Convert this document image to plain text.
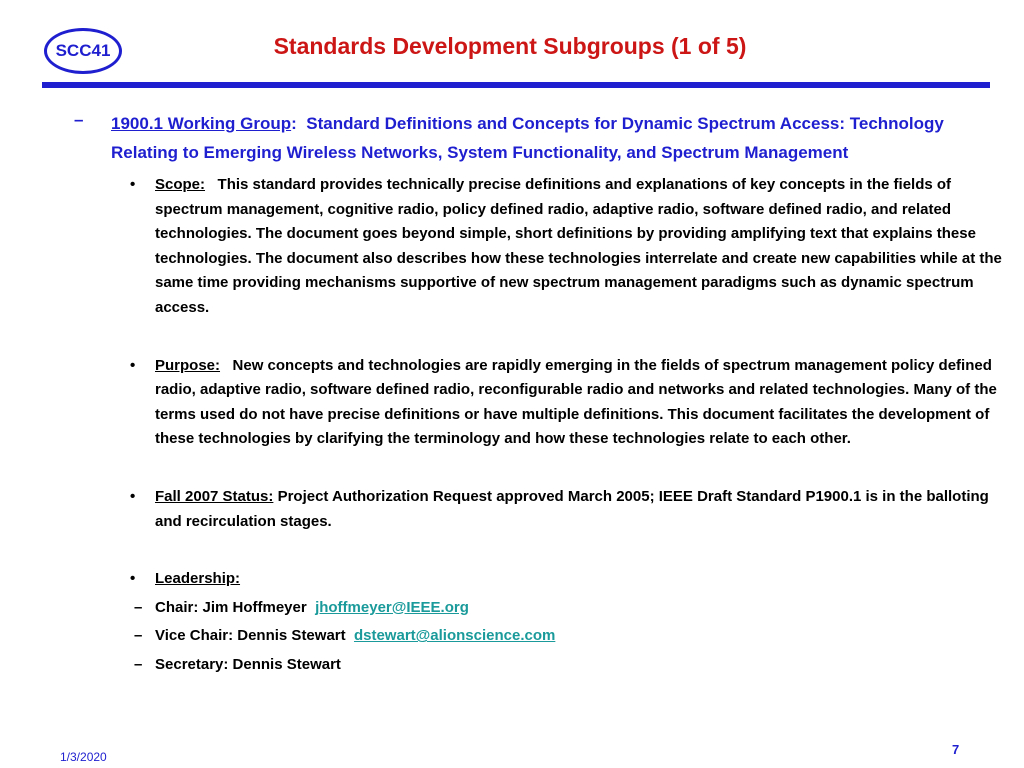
SCC41	Standards Development Subgroups (1 of 5)
– 1900.1 Working Group: Standard Definitions and Concepts for Dynamic Spectrum Access: Technology Relating to Emerging Wireless Networks, System Functionality, and Spectrum Management
• Scope: This standard provides technically precise definitions and explanations of key concepts in the fields of spectrum management, cognitive radio, policy defined radio, adaptive radio, software defined radio, and related technologies. The document goes beyond simple, short definitions by providing amplifying text that explains these technologies. The document also describes how these technologies interrelate and create new capabilities while at the same time providing mechanisms supportive of new spectrum management paradigms such as dynamic spectrum access.
• Purpose: New concepts and technologies are rapidly emerging in the fields of spectrum management policy defined radio, adaptive radio, software defined radio, reconfigurable radio and networks and related technologies. Many of the terms used do not have precise definitions or have multiple definitions. This document facilitates the development of these technologies by clarifying the terminology and how these technologies relate to each other.
• Fall 2007 Status: Project Authorization Request approved March 2005; IEEE Draft Standard P1900.1 is in the balloting and recirculation stages.
• Leadership:
– Chair: Jim Hoffmeyer jhoffmeyer@IEEE.org
– Vice Chair: Dennis Stewart dstewart@alionscience.com
– Secretary: Dennis Stewart
1/3/2020	7
